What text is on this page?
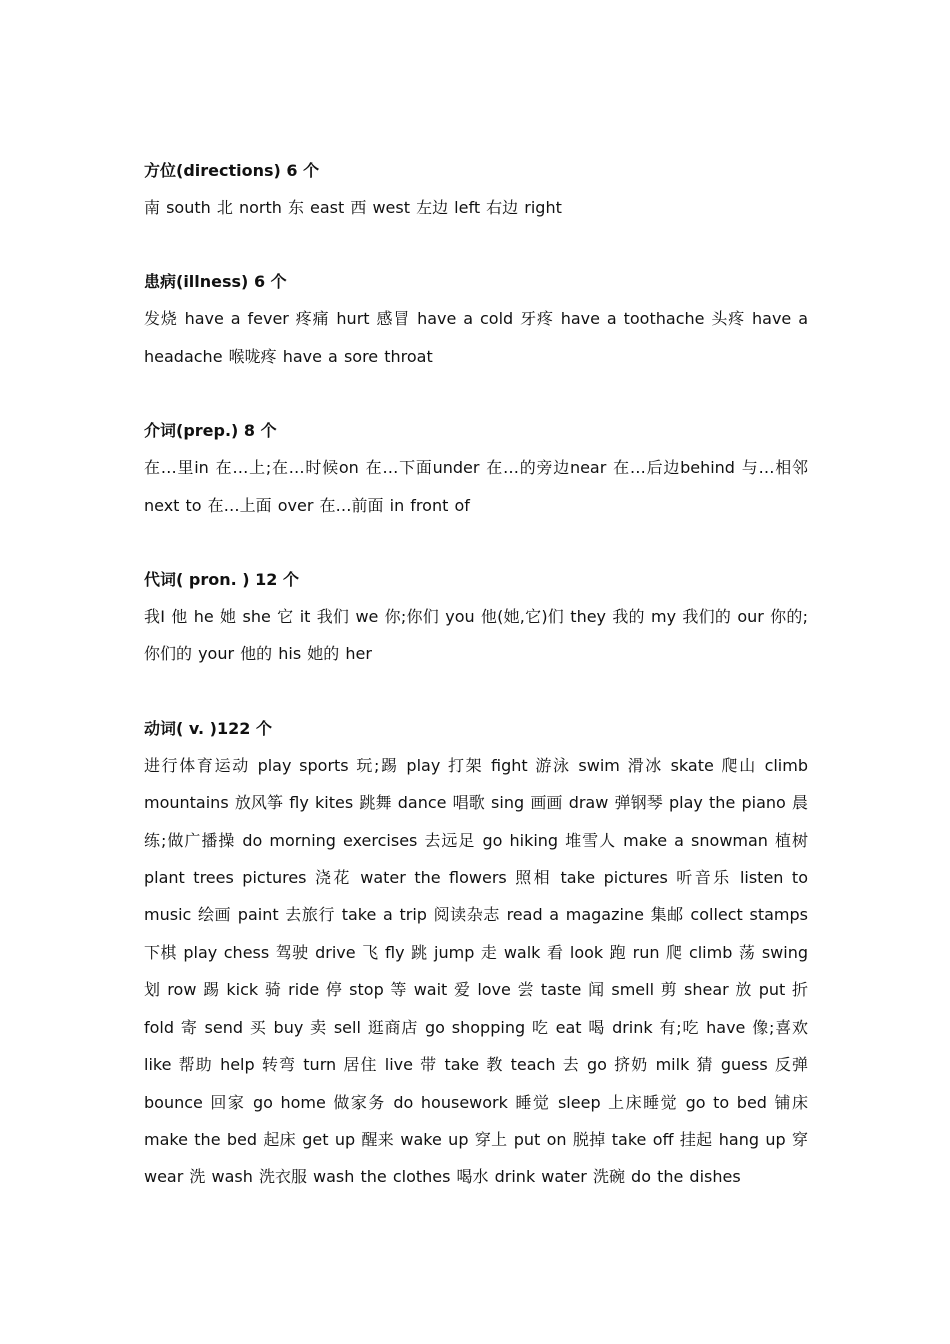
方位(directions) 6 个
南 south 北 north 东 east 西 west 左边 left 右边 right
患病(illness) 6 个
发烧 have a fever 疼痛 hurt 感冒 have a cold 牙疼 have a toothache 头疼 have a headache 喉咙疼 have a sore throat
介词(prep.) 8 个
在…里in 在…上;在…时候on 在…下面under 在…的旁边near 在…后边behind 与…相邻 next to 在…上面 over 在…前面 in front of
代词( pron. ) 12 个
我I 他 he 她 she 它 it 我们 we 你;你们 you 他(她,它)们 they 我的 my 我们的 our 你的;你们的 your 他的 his 她的 her
动词( v. )122 个
进行体育运动 play sports 玩;踢 play 打架 fight 游泳 swim 滑冰 skate 爬山 climb mountains 放风筝 fly kites 跳舞 dance 唱歌 sing 画画 draw 弹钢琴 play the piano 晨练;做广播操 do morning exercises 去远足 go hiking 堆雪人 make a snowman 植树 plant trees pictures 浇花 water the flowers 照相 take pictures 听音乐 listen to music 绘画 paint 去旅行 take a trip 阅读杂志 read a magazine 集邮 collect stamps 下棋 play chess 驾驶 drive 飞 fly 跳 jump 走 walk 看 look 跑 run 爬 climb 荡 swing 划 row 踢 kick 骑 ride 停 stop 等 wait 爱 love 尝 taste 闻 smell 剪 shear 放 put 折 fold 寄 send 买 buy 卖 sell 逛商店 go shopping 吃 eat 喝 drink 有;吃 have 像;喜欢 like 帮助 help 转弯 turn 居住 live 带 take 教 teach 去 go 挤奶 milk 猜 guess 反弹 bounce 回家 go home 做家务 do housework 睡觉 sleep 上床睡觉 go to bed 铺床 make the bed 起床 get up 醒来 wake up 穿上 put on 脱掉 take off 挂起 hang up 穿 wear 洗 wash 洗衣服 wash the clothes 喝水 drink water 洗碗 do the dishes
